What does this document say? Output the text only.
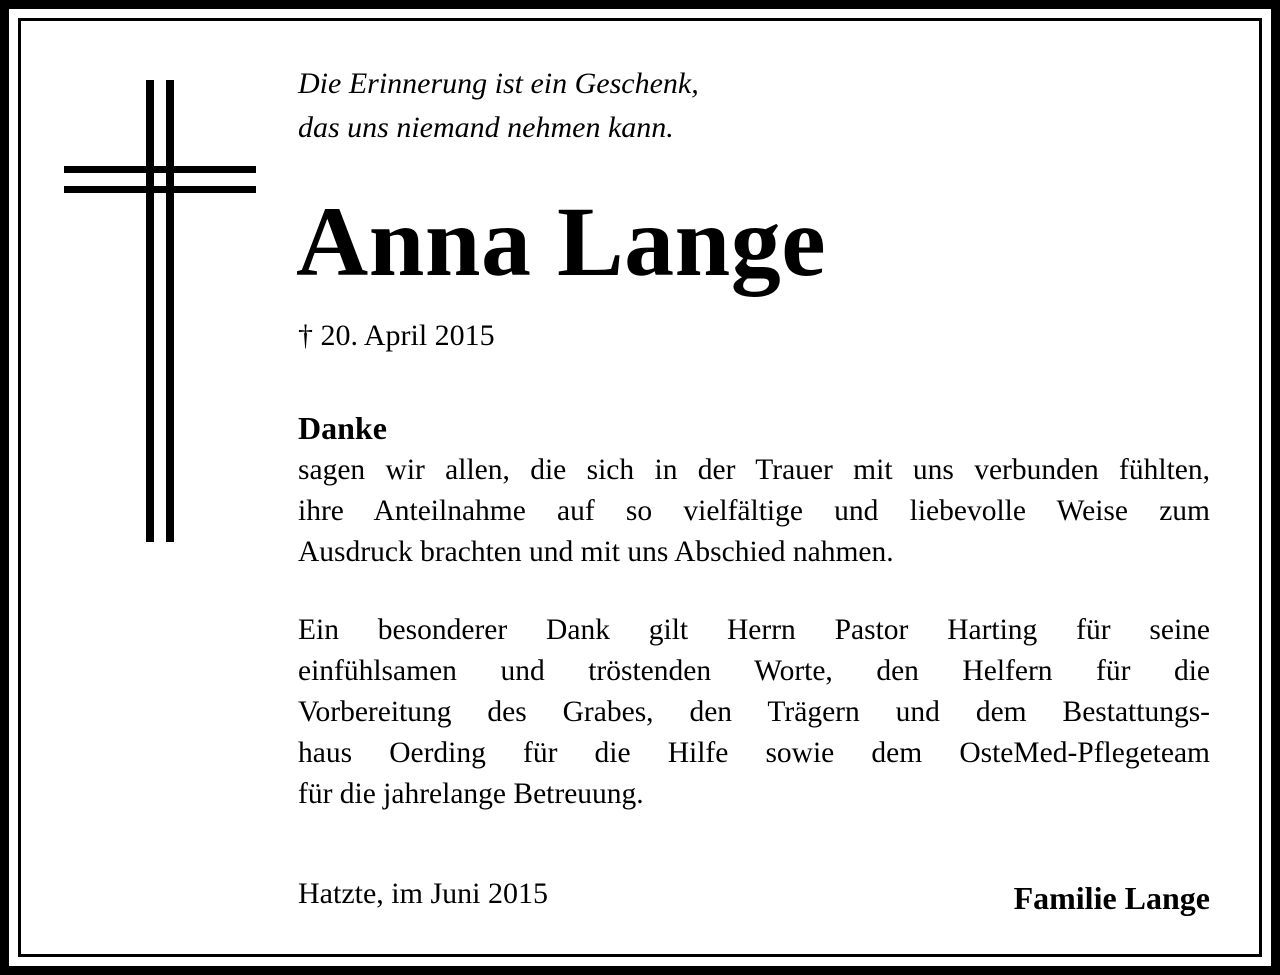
Die Erinnerung ist ein Geschenk,
das uns niemand nehmen kann.
Anna Lange
† 20. April 2015
Danke
sagen wir allen, die sich in der Trauer mit uns verbunden fühlten,
ihre Anteilnahme auf so vielfältige und liebevolle Weise zum
Ausdruck brachten und mit uns Abschied nahmen.
Ein besonderer Dank gilt Herrn Pastor Harting für seine
einfühlsamen und tröstenden Worte, den Helfern für die
Vorbereitung des Grabes, den Trägern und dem Bestattungs-
haus Oerding für die Hilfe sowie dem OsteMed-Pflegeteam
für die jahrelange Betreuung.
Hatzte, im Juni 2015	Familie Lange
